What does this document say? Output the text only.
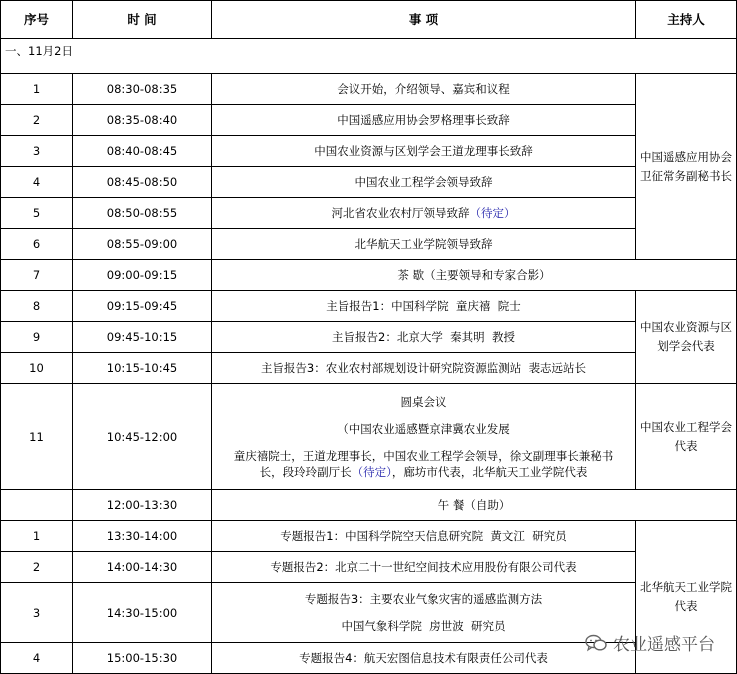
序号	时 间	事 项	主持人
一、11月2日			
1	08:30-08:35	会议开始，介绍领导、嘉宾和议程	中国遥感应用协会卫征常务副秘书长
2	08:35-08:40	中国遥感应用协会罗格理事长致辞	
3	08:40-08:45	中国农业资源与区划学会王道龙理事长致辞	
4	08:45-08:50	中国农业工程学会领导致辞	
5	08:50-08:55	河北省农业农村厅领导致辞（待定）	
6	08:55-09:00	北华航天工业学院领导致辞	
7	09:00-09:15	茶 歇（主要领导和专家合影）	
8	09:15-09:45	主旨报告1：中国科学院  童庆禧  院士	中国农业资源与区划学会代表
9	09:45-10:15	主旨报告2：北京大学  秦其明  教授	
10	10:15-10:45	主旨报告3：农业农村部规划设计研究院资源监测站  裴志远站长	
11	10:45-12:00	圆桌会议
（中国农业遥感暨京津冀农业发展
童庆禧院士，王道龙理事长，中国农业工程学会领导，徐文副理事长兼秘书长，段玲玲副厅长（待定），廊坊市代表，北华航天工业学院代表	中国农业工程学会代表
	12:00-13:30	午 餐（自助）	
1	13:30-14:00	专题报告1：中国科学院空天信息研究院  黄文江  研究员	北华航天工业学院代表
2	14:00-14:30	专题报告2：北京二十一世纪空间技术应用股份有限公司代表	
3	14:30-15:00	专题报告3：主要农业气象灾害的遥感监测方法
中国气象科学院  房世波  研究员	

4	15:00-15:30	专题报告4：航天宏图信息技术有限责任公司代表	
农业遥感平台
